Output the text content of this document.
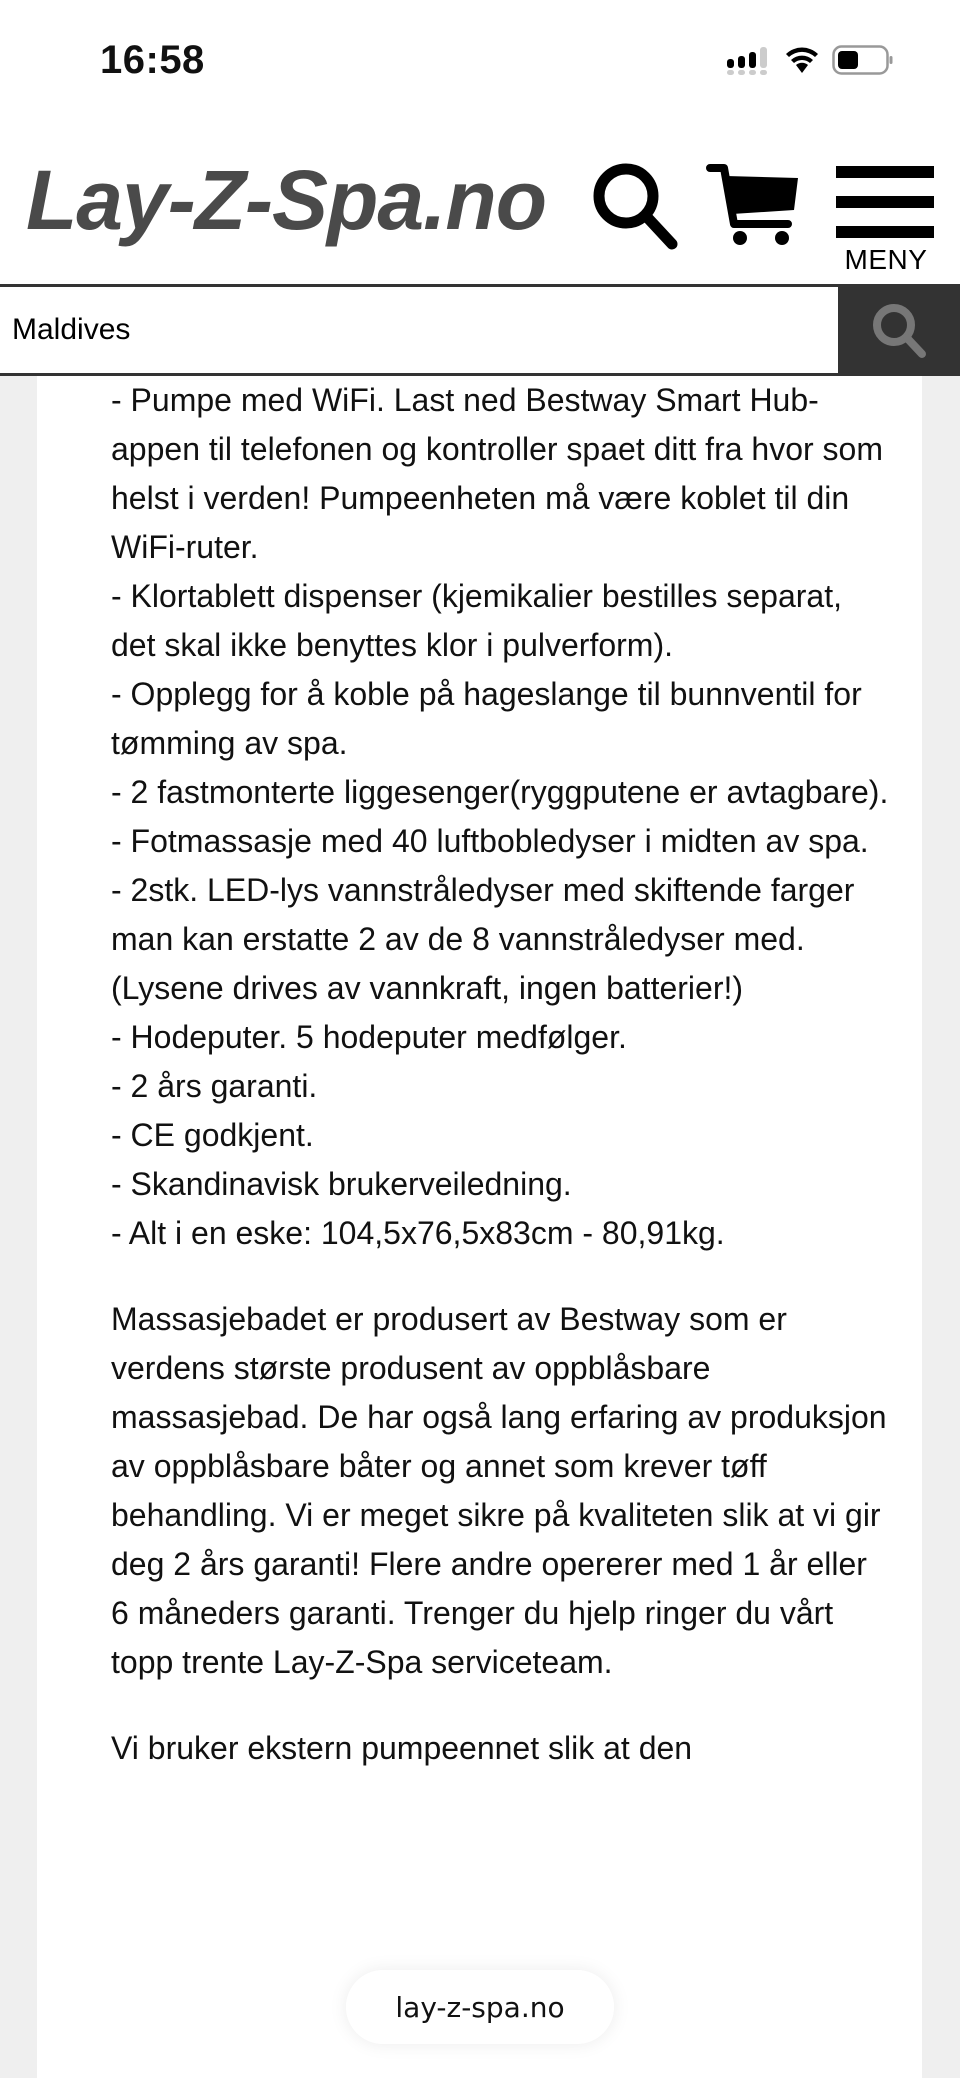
16:58
Lay-Z-Spa.no
MENY
Maldives

- Pumpe med WiFi. Last ned Bestway Smart Hub-appen til telefonen og kontroller spaet ditt fra hvor som helst i verden! Pumpeenheten må være koblet til din WiFi-ruter.

- Klortablett dispenser (kjemikalier bestilles separat, det skal ikke benyttes klor i pulverform).

- Opplegg for å koble på hageslange til bunnventil for tømming av spa.

- 2 fastmonterte liggesenger(ryggputene er avtagbare).

- Fotmassasje med 40 luftbobledyser i midten av spa.

- 2stk. LED-lys vannstråledyser med skiftende farger man kan erstatte 2 av de 8 vannstråledyser med. (Lysene drives av vannkraft, ingen batterier!)

- Hodeputer. 5 hodeputer medfølger.

- 2 års garanti.

- CE godkjent.

- Skandinavisk brukerveiledning.

- Alt i en eske: 104,5x76,5x83cm - 80,91kg.

Massasjebadet er produsert av Bestway som er verdens største produsent av oppblåsbare massasjebad. De har også lang erfaring av produksjon av oppblåsbare båter og annet som krever tøff behandling. Vi er meget sikre på kvaliteten slik at vi gir deg 2 års garanti! Flere andre opererer med 1 år eller 6 måneders garanti. Trenger du hjelp ringer du vårt topp trente Lay-Z-Spa serviceteam.

Vi bruker ekstern pumpeennet slik at den

lay-z-spa.no
